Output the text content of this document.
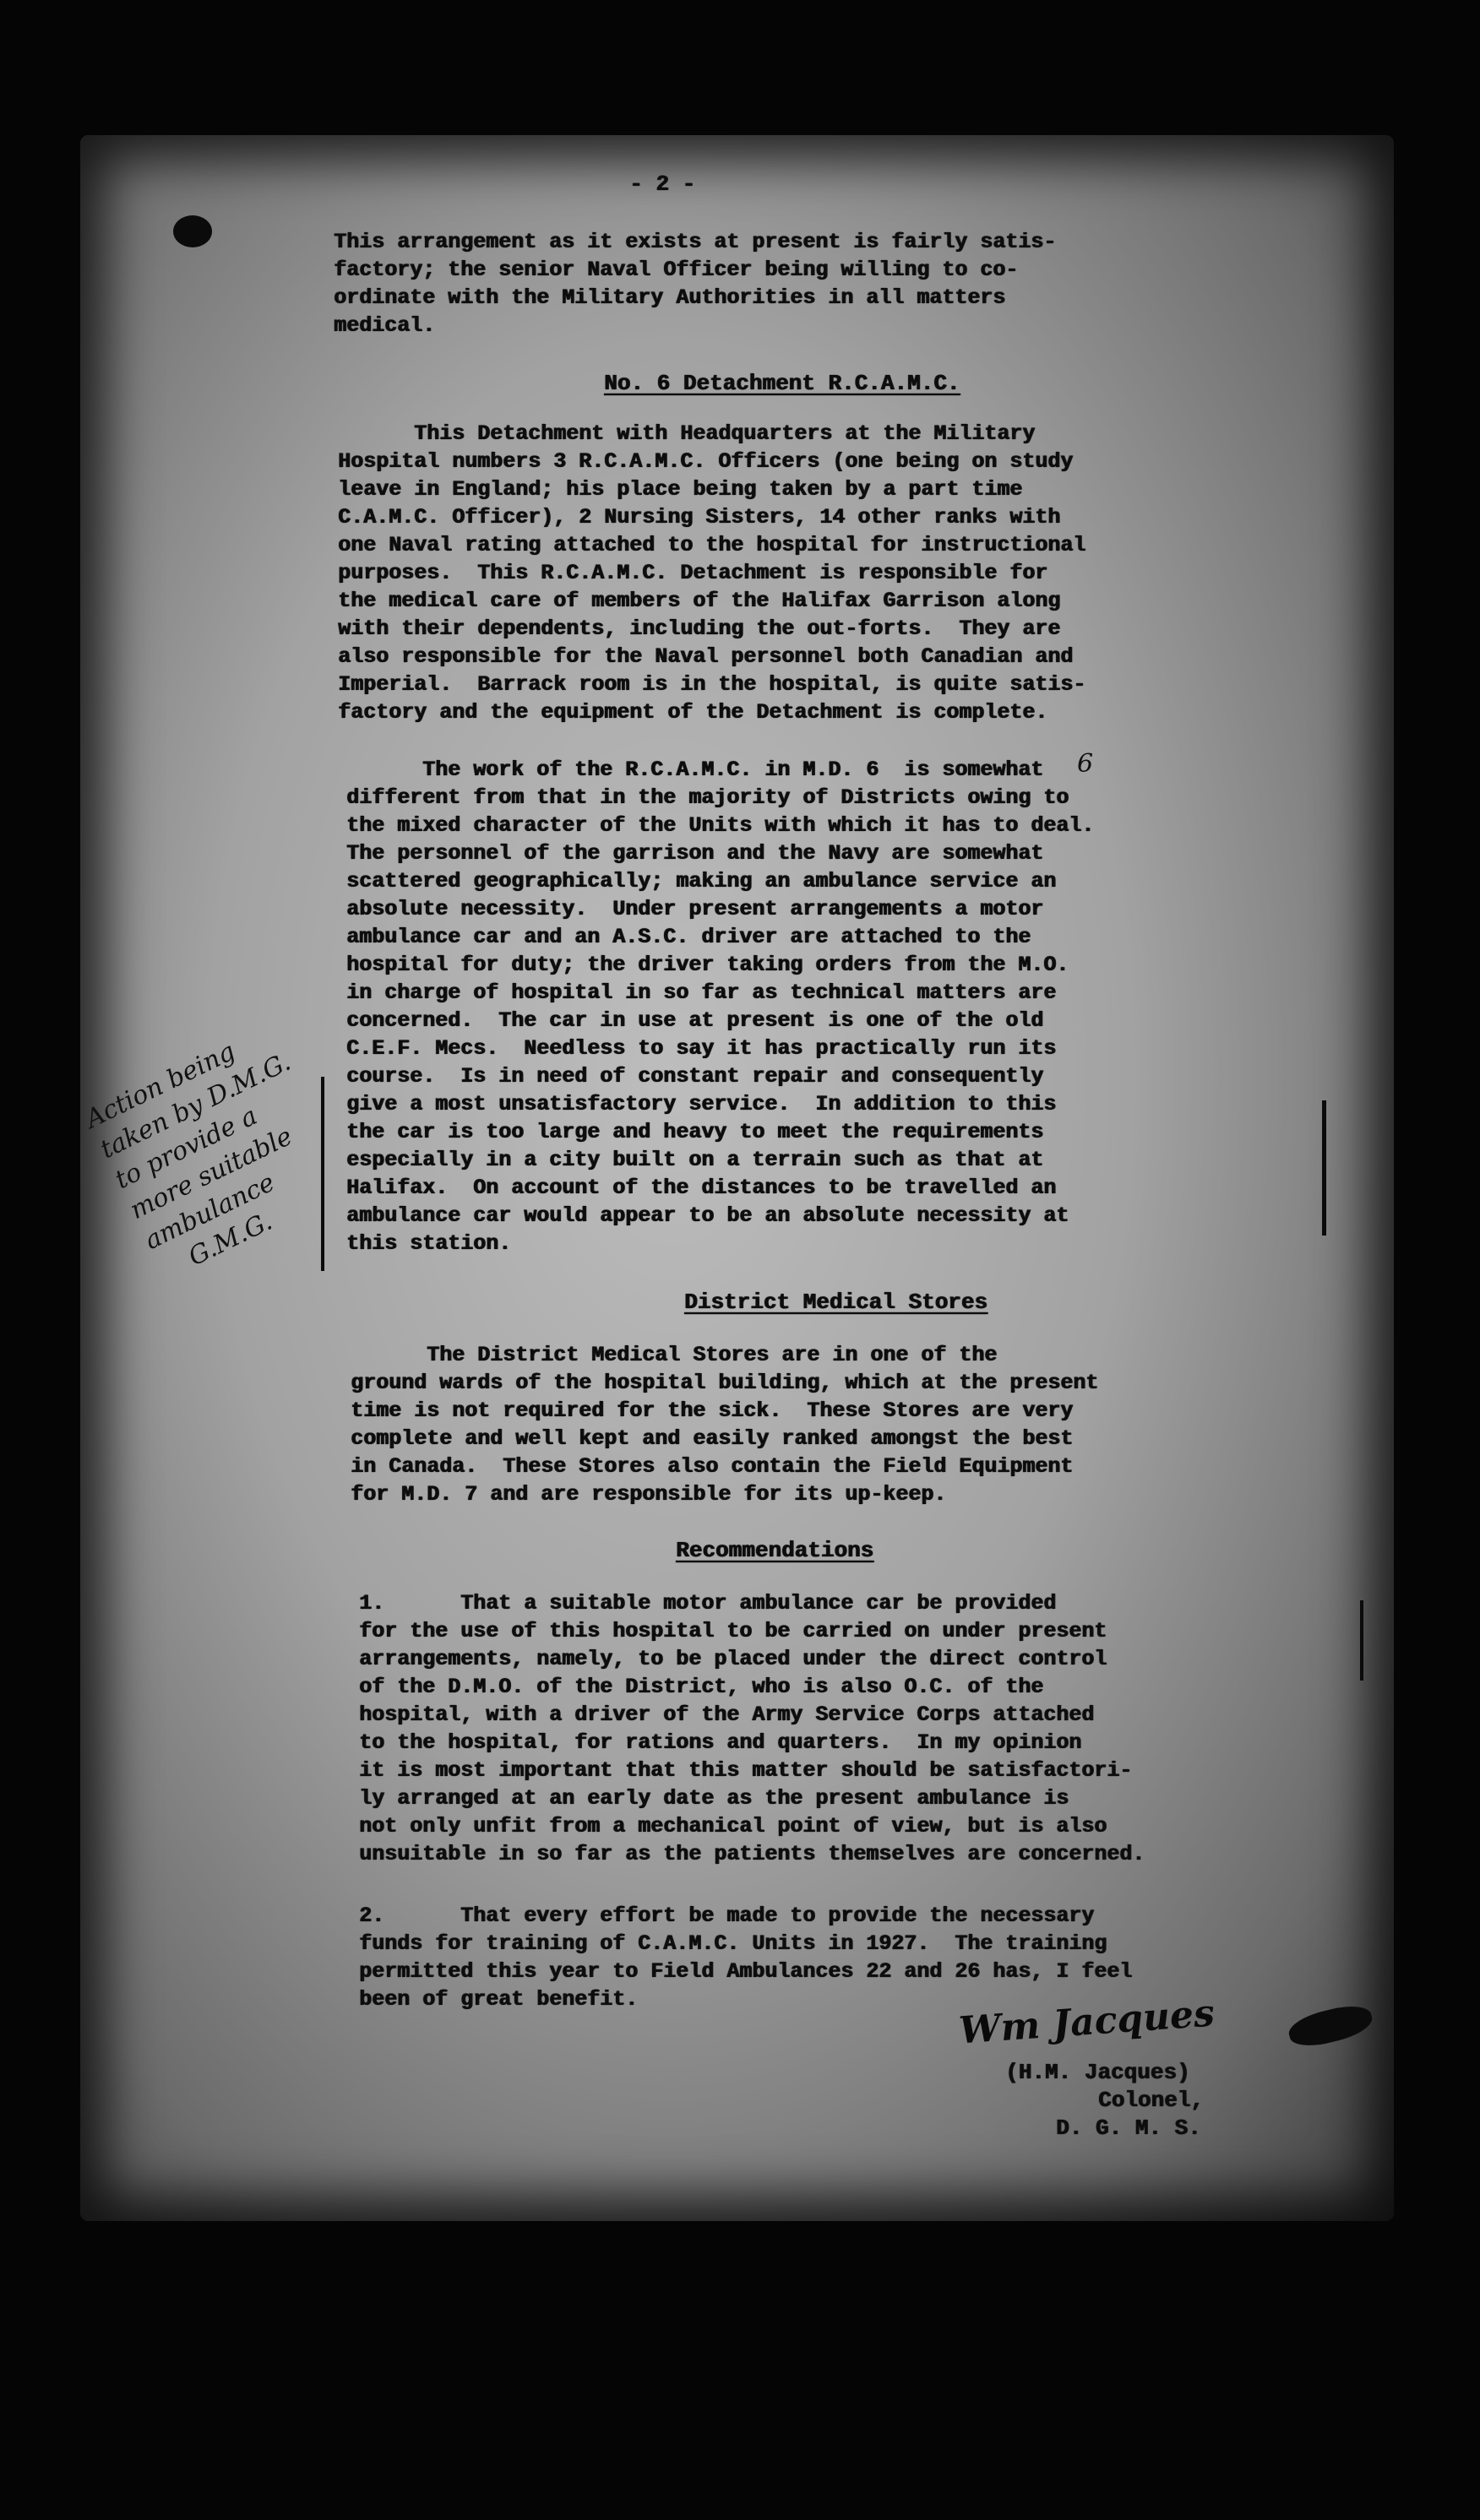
- 2 -

This arrangement as it exists at present is fairly satis-
factory; the senior Naval Officer being willing to co-
ordinate with the Military Authorities in all matters
medical.

No. 6 Detachment R.C.A.M.C.

This Detachment with Headquarters at the Military
Hospital numbers 3 R.C.A.M.C. Officers (one being on study
leave in England; his place being taken by a part time
C.A.M.C. Officer), 2 Nursing Sisters, 14 other ranks with
one Naval rating attached to the hospital for instructional
purposes.  This R.C.A.M.C. Detachment is responsible for
the medical care of members of the Halifax Garrison along
with their dependents, including the out-forts.  They are
also responsible for the Naval personnel both Canadian and
Imperial.  Barrack room is in the hospital, is quite satis-
factory and the equipment of the Detachment is complete.
The work of the R.C.A.M.C. in M.D. 6  is somewhat
different from that in the majority of Districts owing to
the mixed character of the Units with which it has to deal.
The personnel of the garrison and the Navy are somewhat
scattered geographically; making an ambulance service an
absolute necessity.  Under present arrangements a motor
ambulance car and an A.S.C. driver are attached to the
hospital for duty; the driver taking orders from the M.O.
in charge of hospital in so far as technical matters are
concerned.  The car in use at present is one of the old
C.E.F. Mecs.  Needless to say it has practically run its
course.  Is in need of constant repair and consequently
give a most unsatisfactory service.  In addition to this
the car is too large and heavy to meet the requirements
especially in a city built on a terrain such as that at
Halifax.  On account of the distances to be travelled an
ambulance car would appear to be an absolute necessity at
this station.
6
Action being
taken by D.M.G.
to provide a
more suitable
ambulance
G.M.G.

District Medical Stores

The District Medical Stores are in one of the
ground wards of the hospital building, which at the present
time is not required for the sick.  These Stores are very
complete and well kept and easily ranked amongst the best
in Canada.  These Stores also contain the Field Equipment
for M.D. 7 and are responsible for its up-keep.

Recommendations

1.      That a suitable motor ambulance car be provided
for the use of this hospital to be carried on under present
arrangements, namely, to be placed under the direct control
of the D.M.O. of the District, who is also O.C. of the
hospital, with a driver of the Army Service Corps attached
to the hospital, for rations and quarters.  In my opinion
it is most important that this matter should be satisfactori-
ly arranged at an early date as the present ambulance is
not only unfit from a mechanical point of view, but is also
unsuitable in so far as the patients themselves are concerned.
2.      That every effort be made to provide the necessary
funds for training of C.A.M.C. Units in 1927.  The training
permitted this year to Field Ambulances 22 and 26 has, I feel
been of great benefit.	Wm Jacques

(H.M. Jacques)

Colonel,

D. G. M. S.
